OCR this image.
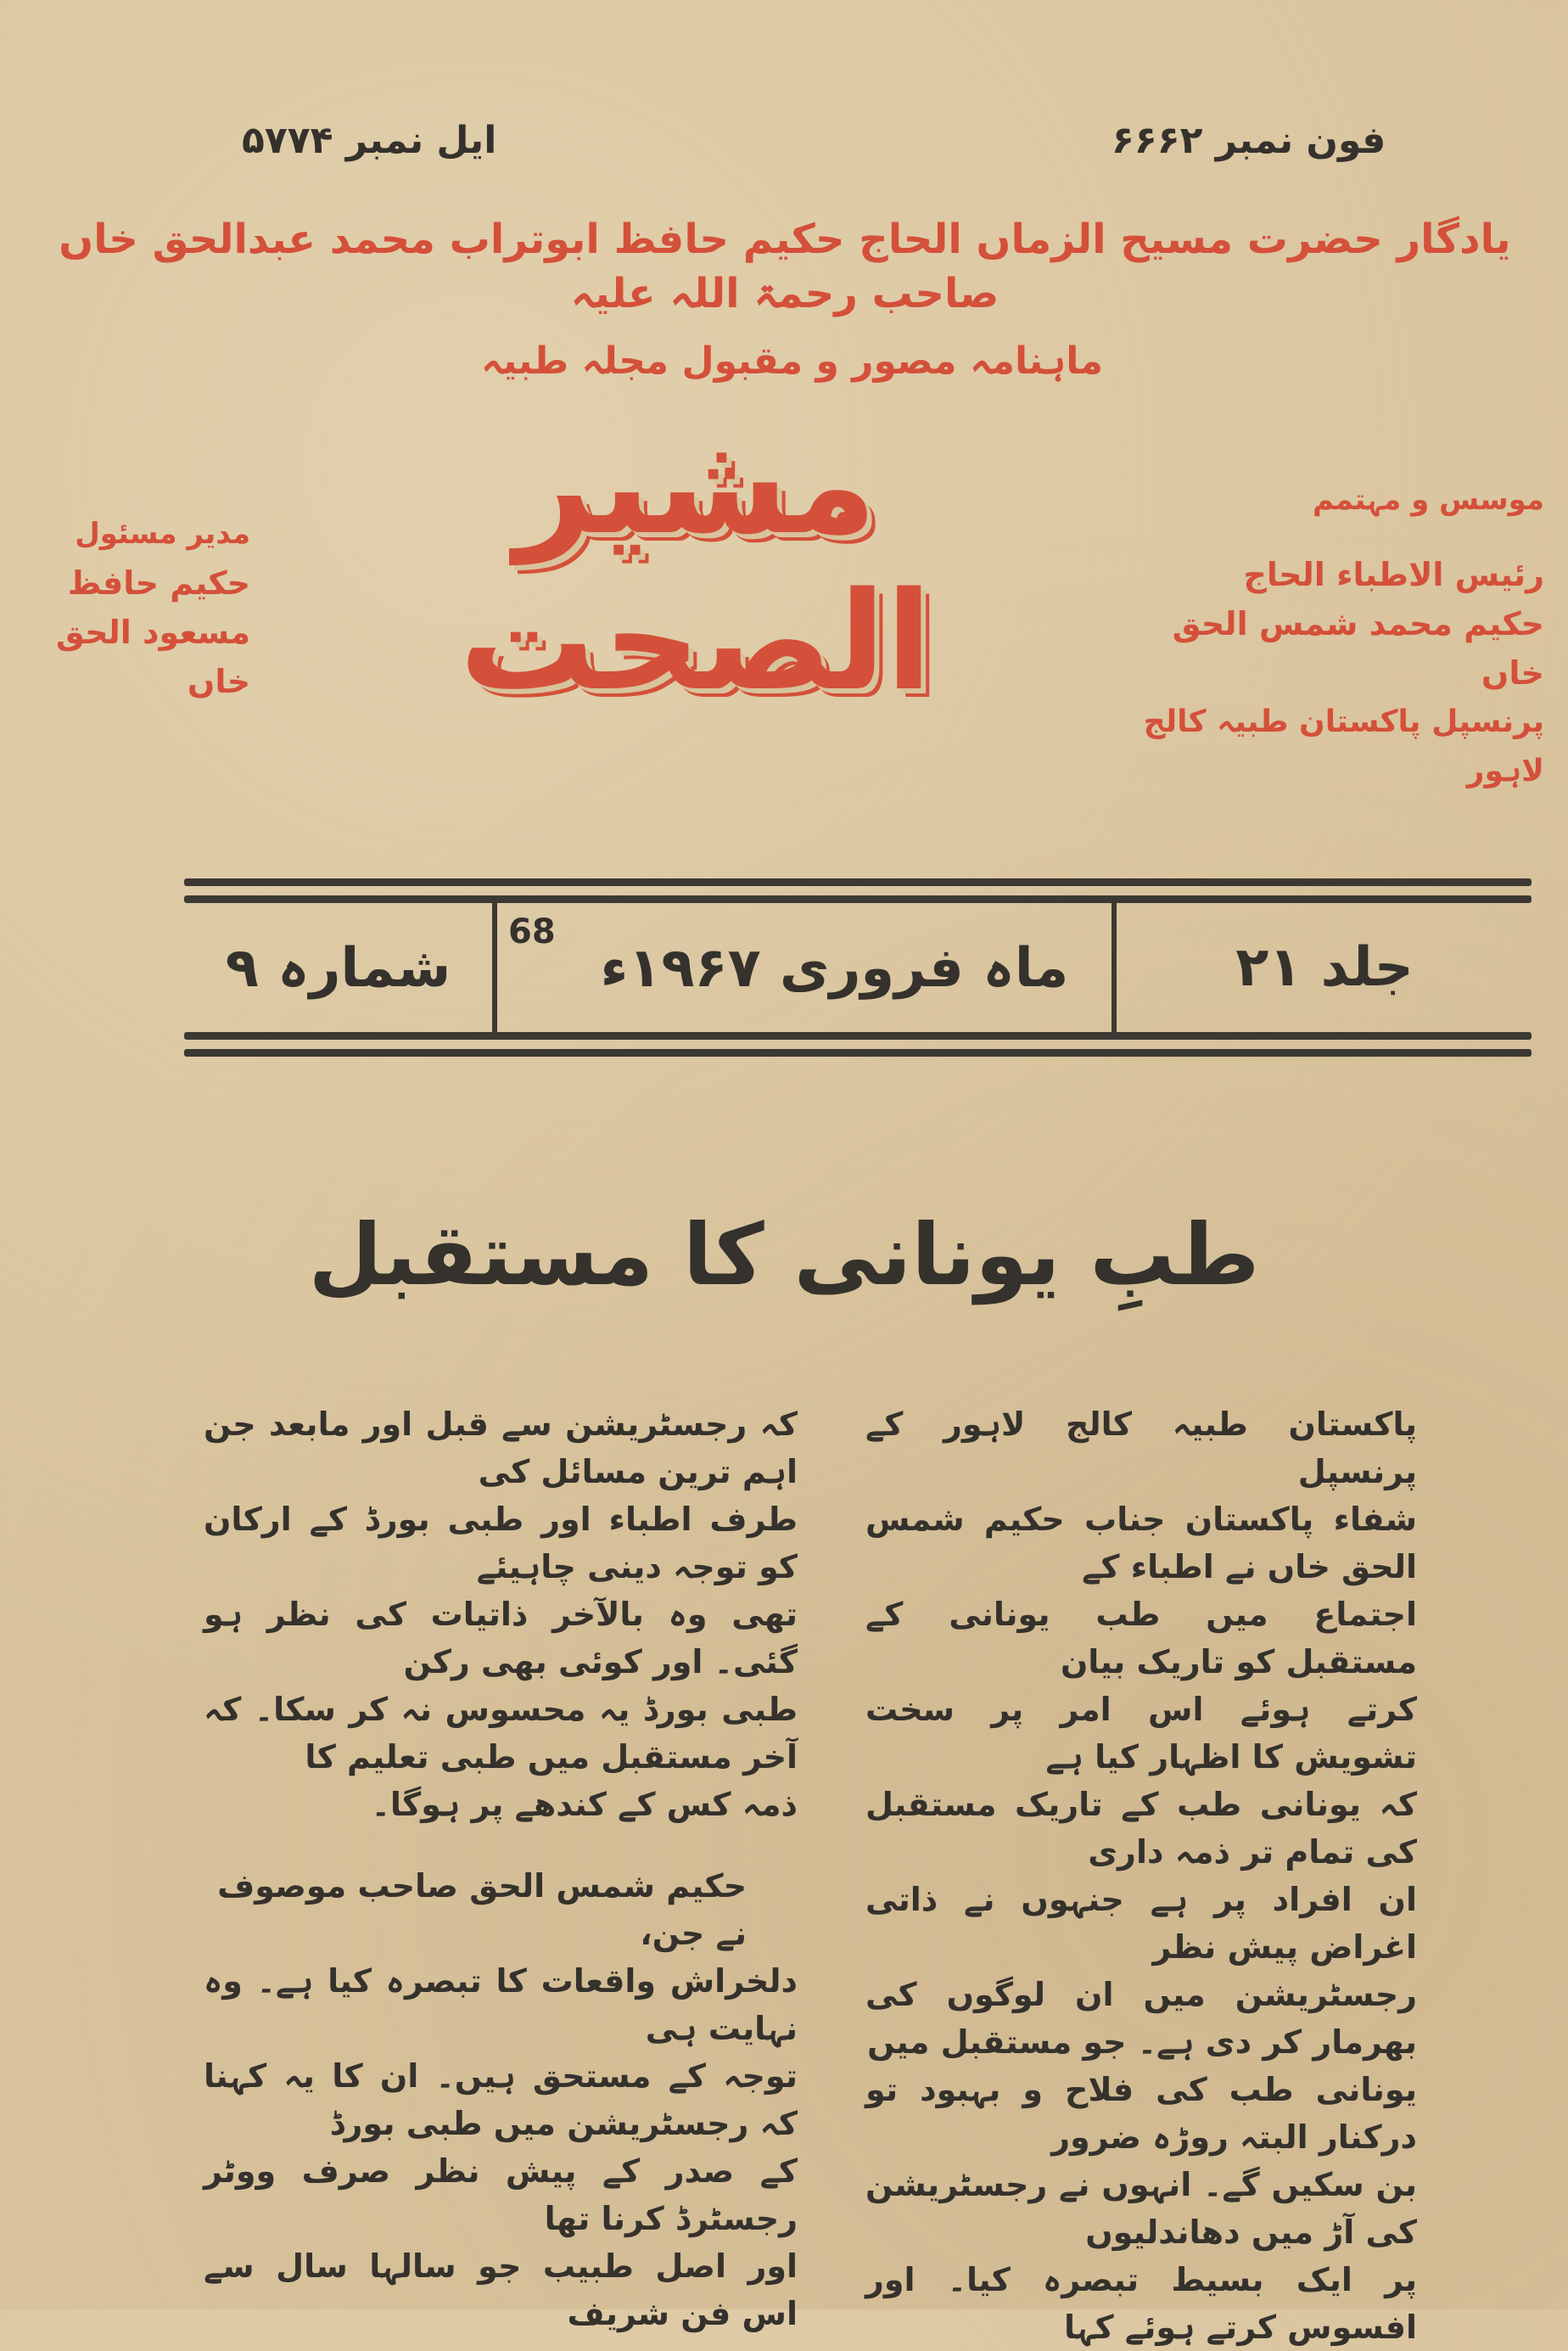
فون نمبر ۶۶۶۲
ایل نمبر ۵۷۷۴
یادگار حضرت مسیح الزماں الحاج حکیم حافظ ابوتراب محمد عبدالحق خاں صاحب رحمۃ اللہ علیہ
ماہنامہ مصور و مقبول مجلہ طبیہ
مشیر الصحت
مدیر مسئول
حکیم حافظ
مسعود الحق خاں
موسس و مہتمم
رئیس الاطباء الحاج
حکیم محمد شمس الحق خاں
پرنسپل پاکستان طبیہ کالج لاہور
جلد ۲۱
ماہ فروری ۱۹۶۷ء
68
شمارہ ۹
طبِ یونانی کا مستقبل
پاکستان طبیہ کالج لاہور کے پرنسپل
شفاء پاکستان جناب حکیم شمس الحق خاں نے اطباء کے
اجتماع میں طب یونانی کے مستقبل کو تاریک بیان
کرتے ہوئے اس امر پر سخت تشویش کا اظہار کیا ہے
کہ یونانی طب کے تاریک مستقبل کی تمام تر ذمہ داری
ان افراد پر ہے جنہوں نے ذاتی اغراض پیش نظر
رجسٹریشن میں ان لوگوں کی بھرمار کر دی ہے۔ جو مستقبل میں
یونانی طب کی فلاح و بہبود تو درکنار البتہ روڑہ ضرور
بن سکیں گے۔ انہوں نے رجسٹریشن کی آڑ میں دھاندلیوں
پر ایک بسیط تبصرہ کیا۔ اور افسوس کرتے ہوئے کہا
کہ رجسٹریشن سے قبل اور مابعد جن اہم ترین مسائل کی
طرف اطباء اور طبی بورڈ کے ارکان کو توجہ دینی چاہیئے
تھی وہ بالآخر ذاتیات کی نظر ہو گئی۔ اور کوئی بھی رکن
طبی بورڈ یہ محسوس نہ کر سکا۔ کہ آخر مستقبل میں طبی تعلیم کا
ذمہ کس کے کندھے پر ہوگا۔
حکیم شمس الحق صاحب موصوف نے جن،
دلخراش واقعات کا تبصرہ کیا ہے۔ وہ نہایت ہی
توجہ کے مستحق ہیں۔ ان کا یہ کہنا کہ رجسٹریشن میں طبی بورڈ
کے صدر کے پیش نظر صرف ووٹر رجسٹرڈ کرنا تھا
اور اصل طبیب جو سالہا سال سے اس فن شریف
